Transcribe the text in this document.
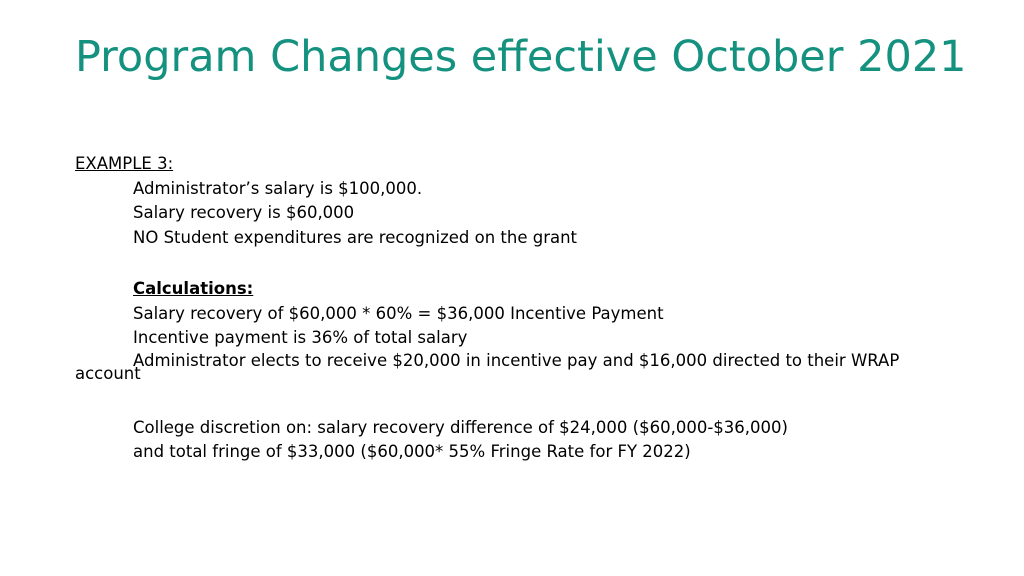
Program Changes effective October 2021
EXAMPLE 3:
Administrator’s salary is $100,000.
Salary recovery is $60,000
NO Student expenditures are recognized on the grant
Calculations:
Salary recovery of $60,000 * 60% = $36,000 Incentive Payment
Incentive payment is 36% of total salary
Administrator elects to receive $20,000 in incentive pay and $16,000 directed to their WRAP
account
College discretion on: salary recovery difference of $24,000 ($60,000-$36,000)
and total fringe of $33,000 ($60,000* 55% Fringe Rate for FY 2022)
